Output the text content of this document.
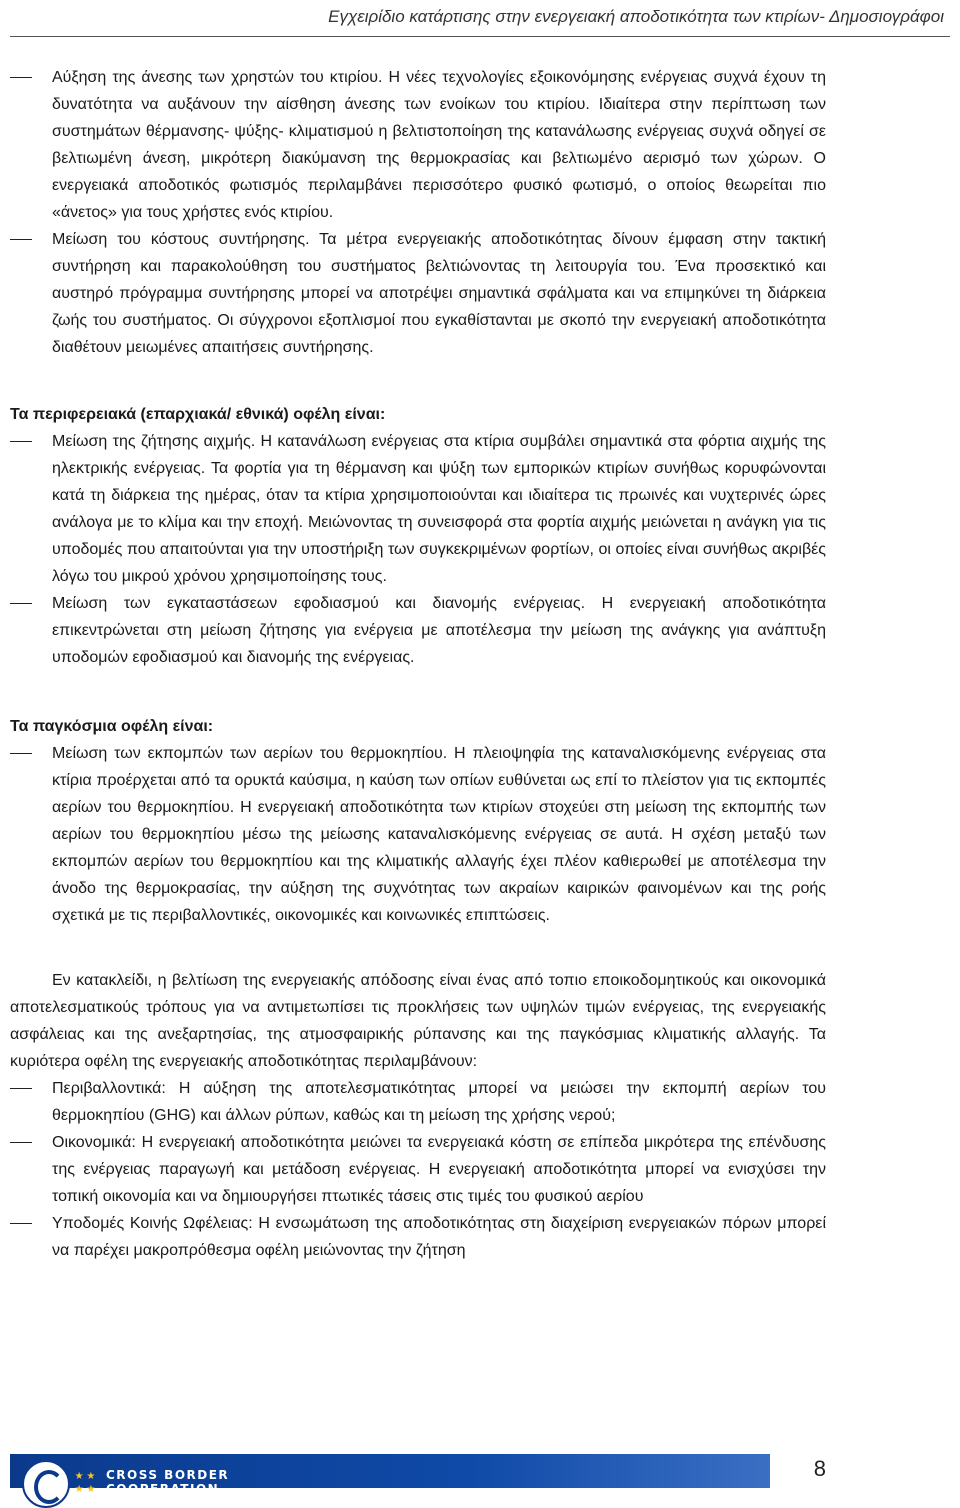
Εγχειρίδιο κατάρτισης στην ενεργειακή αποδοτικότητα των κτιρίων- Δημοσιογράφοι

Αύξηση της άνεσης των χρηστών του κτιρίου. Η νέες τεχνολογίες εξοικονόμησης ενέργειας συχνά έχουν τη δυνατότητα να αυξάνουν την αίσθηση άνεσης των ενοίκων του κτιρίου. Ιδιαίτερα στην περίπτωση των συστημάτων θέρμανσης- ψύξης- κλιματισμού η βελτιστοποίηση της κατανάλωσης ενέργειας συχνά οδηγεί σε βελτιωμένη άνεση, μικρότερη διακύμανση της θερμοκρασίας και βελτιωμένο αερισμό των χώρων. Ο ενεργειακά αποδοτικός φωτισμός περιλαμβάνει περισσότερο φυσικό φωτισμό, ο οποίος θεωρείται πιο «άνετος» για τους χρήστες ενός κτιρίου.

Μείωση του κόστους συντήρησης. Τα μέτρα ενεργειακής αποδοτικότητας δίνουν έμφαση στην τακτική συντήρηση και παρακολούθηση του συστήματος βελτιώνοντας τη λειτουργία του. Ένα προσεκτικό και αυστηρό πρόγραμμα συντήρησης μπορεί να αποτρέψει σημαντικά σφάλματα και να επιμηκύνει τη διάρκεια ζωής του συστήματος. Οι σύγχρονοι εξοπλισμοί που εγκαθίστανται με σκοπό την ενεργειακή αποδοτικότητα διαθέτουν μειωμένες απαιτήσεις συντήρησης.

Τα περιφερειακά (επαρχιακά/ εθνικά) οφέλη είναι:

Μείωση της ζήτησης αιχμής. Η κατανάλωση ενέργειας στα κτίρια συμβάλει σημαντικά στα φόρτια αιχμής της ηλεκτρικής ενέργειας. Τα φορτία για τη θέρμανση και ψύξη των εμπορικών κτιρίων συνήθως κορυφώνονται κατά τη διάρκεια της ημέρας, όταν τα κτίρια χρησιμοποιούνται και ιδιαίτερα τις πρωινές και νυχτερινές ώρες ανάλογα με το κλίμα και την εποχή. Μειώνοντας τη συνεισφορά στα φορτία αιχμής μειώνεται η ανάγκη για τις υποδομές που απαιτούνται για την υποστήριξη των συγκεκριμένων φορτίων, οι οποίες είναι συνήθως ακριβές λόγω του μικρού χρόνου χρησιμοποίησης τους.

Μείωση των εγκαταστάσεων εφοδιασμού και διανομής ενέργειας. Η ενεργειακή αποδοτικότητα επικεντρώνεται στη μείωση ζήτησης για ενέργεια με αποτέλεσμα την μείωση της ανάγκης για ανάπτυξη υποδομών εφοδιασμού και διανομής της ενέργειας.

Τα παγκόσμια οφέλη είναι:

Μείωση των εκπομπών των αερίων του θερμοκηπίου. Η πλειοψηφία της καταναλισκόμενης ενέργειας στα κτίρια προέρχεται από τα ορυκτά καύσιμα, η καύση των οπίων ευθύνεται ως επί το πλείστον για τις εκπομπές αερίων του θερμοκηπίου. Η ενεργειακή αποδοτικότητα των κτιρίων στοχεύει στη μείωση της εκπομπής των αερίων του θερμοκηπίου μέσω της μείωσης καταναλισκόμενης ενέργειας σε αυτά. Η σχέση μεταξύ των εκπομπών αερίων του θερμοκηπίου και της κλιματικής αλλαγής έχει πλέον καθιερωθεί με αποτέλεσμα την άνοδο της θερμοκρασίας, την αύξηση της συχνότητας των ακραίων καιρικών φαινομένων και της ροής σχετικά με τις περιβαλλοντικές, οικονομικές και κοινωνικές επιπτώσεις.

Εν κατακλείδι, η βελτίωση της ενεργειακής απόδοσης είναι ένας από τοπιο εποικοδομητικούς και οικονομικά αποτελεσματικούς τρόπους για να αντιμετωπίσει τις προκλήσεις των υψηλών τιμών ενέργειας, της ενεργειακής ασφάλειας και της ανεξαρτησίας, της ατμοσφαιρικής ρύπανσης και της παγκόσμιας κλιματικής αλλαγής. Τα κυριότερα οφέλη της ενεργειακής αποδοτικότητας περιλαμβάνουν:

Περιβαλλοντικά: Η αύξηση της αποτελεσματικότητας μπορεί να μειώσει την εκπομπή αερίων του θερμοκηπίου (GHG) και άλλων ρύπων, καθώς και τη μείωση της χρήσης νερού;

Οικονομικά: Η ενεργειακή αποδοτικότητα μειώνει τα ενεργειακά κόστη σε επίπεδα μικρότερα της επένδυσης της ενέργειας παραγωγή και μετάδοση ενέργειας. Η ενεργειακή αποδοτικότητα μπορεί να ενισχύσει την τοπική οικονομία και να δημιουργήσει πτωτικές τάσεις στις τιμές του φυσικού αερίου

Υποδομές Κοινής Ωφέλειας: Η ενσωμάτωση της αποδοτικότητας στη διαχείριση ενεργειακών πόρων μπορεί να παρέχει μακροπρόθεσμα οφέλη μειώνοντας την ζήτηση

★ ★
★ ★
CROSS BORDER
COOPERATION
8
